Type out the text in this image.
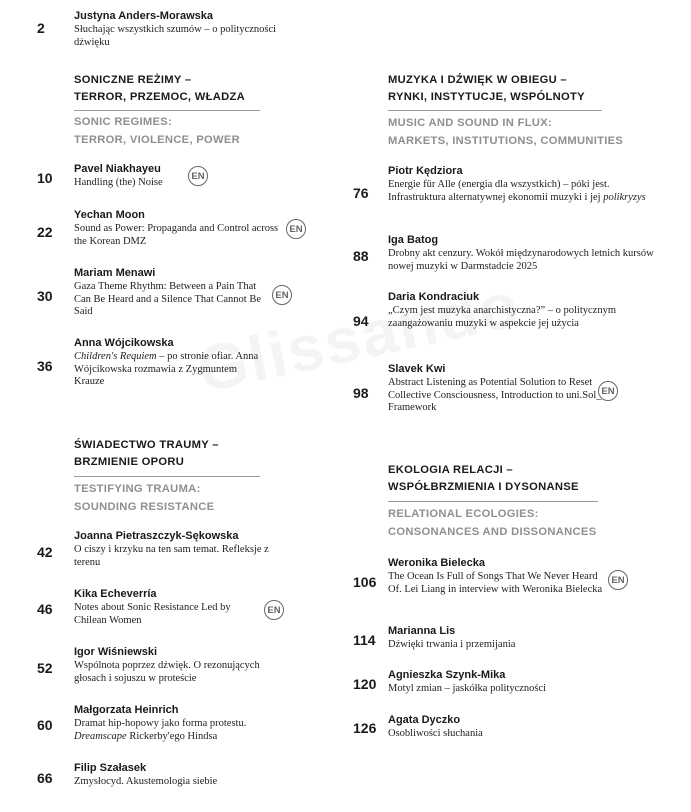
2
Justyna Anders-Morawska
Słuchając wszystkich szumów – o polityczności dźwięku
SONICZNE REŻIMY –
TERROR, PRZEMOC, WŁADZA
SONIC REGIMES:
TERROR, VIOLENCE, POWER
10
Pavel Niakhayeu
Handling (the) Noise
EN
22
Yechan Moon
Sound as Power: Propaganda and Control across the Korean DMZ
EN
30
Mariam Menawi
Gaza Theme Rhythm: Between a Pain That Can Be Heard and a Silence That Cannot Be Said
EN
36
Anna Wójcikowska
Children's Requiem – po stronie ofiar. Anna Wójcikowska rozmawia z Zygmuntem Krauze
ŚWIADECTWO TRAUMY –
BRZMIENIE OPORU
TESTIFYING TRAUMA:
SOUNDING RESISTANCE
42
Joanna Pietraszczyk-Sękowska
O ciszy i krzyku na ten sam temat. Refleksje z terenu
46
Kika Echeverría
Notes about Sonic Resistance Led by Chilean Women
EN
52
Igor Wiśniewski
Wspólnota poprzez dźwięk. O rezonujących głosach i sojuszu w proteście
60
Małgorzata Heinrich
Dramat hip-hopowy jako forma protestu.
Dreamscape Rickerby'ego Hindsa
66
Filip Szałasek
Zmysłocyd. Akustemologia siebie
MUZYKA I DŹWIĘK W OBIEGU –
RYNKI, INSTYTUCJE, WSPÓLNOTY
MUSIC AND SOUND IN FLUX:
MARKETS, INSTITUTIONS, COMMUNITIES
76
Piotr Kędziora
Energie für Alle (energia dla wszystkich) – póki jest. Infrastruktura alternatywnej ekonomii muzyki i jej polikryzys
88
Iga Batog
Drobny akt cenzury. Wokół międzynarodowych letnich kursów nowej muzyki w Darmstadcie 2025
94
Daria Kondraciuk
„Czym jest muzyka anarchistyczna?” – o politycznym zaangażowaniu muzyki w aspekcie jej użycia
98
Slavek Kwi
Abstract Listening as Potential Solution to Reset Collective Consciousness, Introduction to uni.Sol_ Framework
EN
EKOLOGIA RELACJI –
WSPÓŁBRZMIENIA I DYSONANSE
RELATIONAL ECOLOGIES:
CONSONANCES AND DISSONANCES
106
Weronika Bielecka
The Ocean Is Full of Songs That We Never Heard Of. Lei Liang in interview with Weronika Bielecka
EN
114
Marianna Lis
Dźwięki trwania i przemijania
120
Agnieszka Szynk-Mika
Motyl zmian – jaskółka polityczności
126 Agata Dyczko
Osobliwości słuchania
